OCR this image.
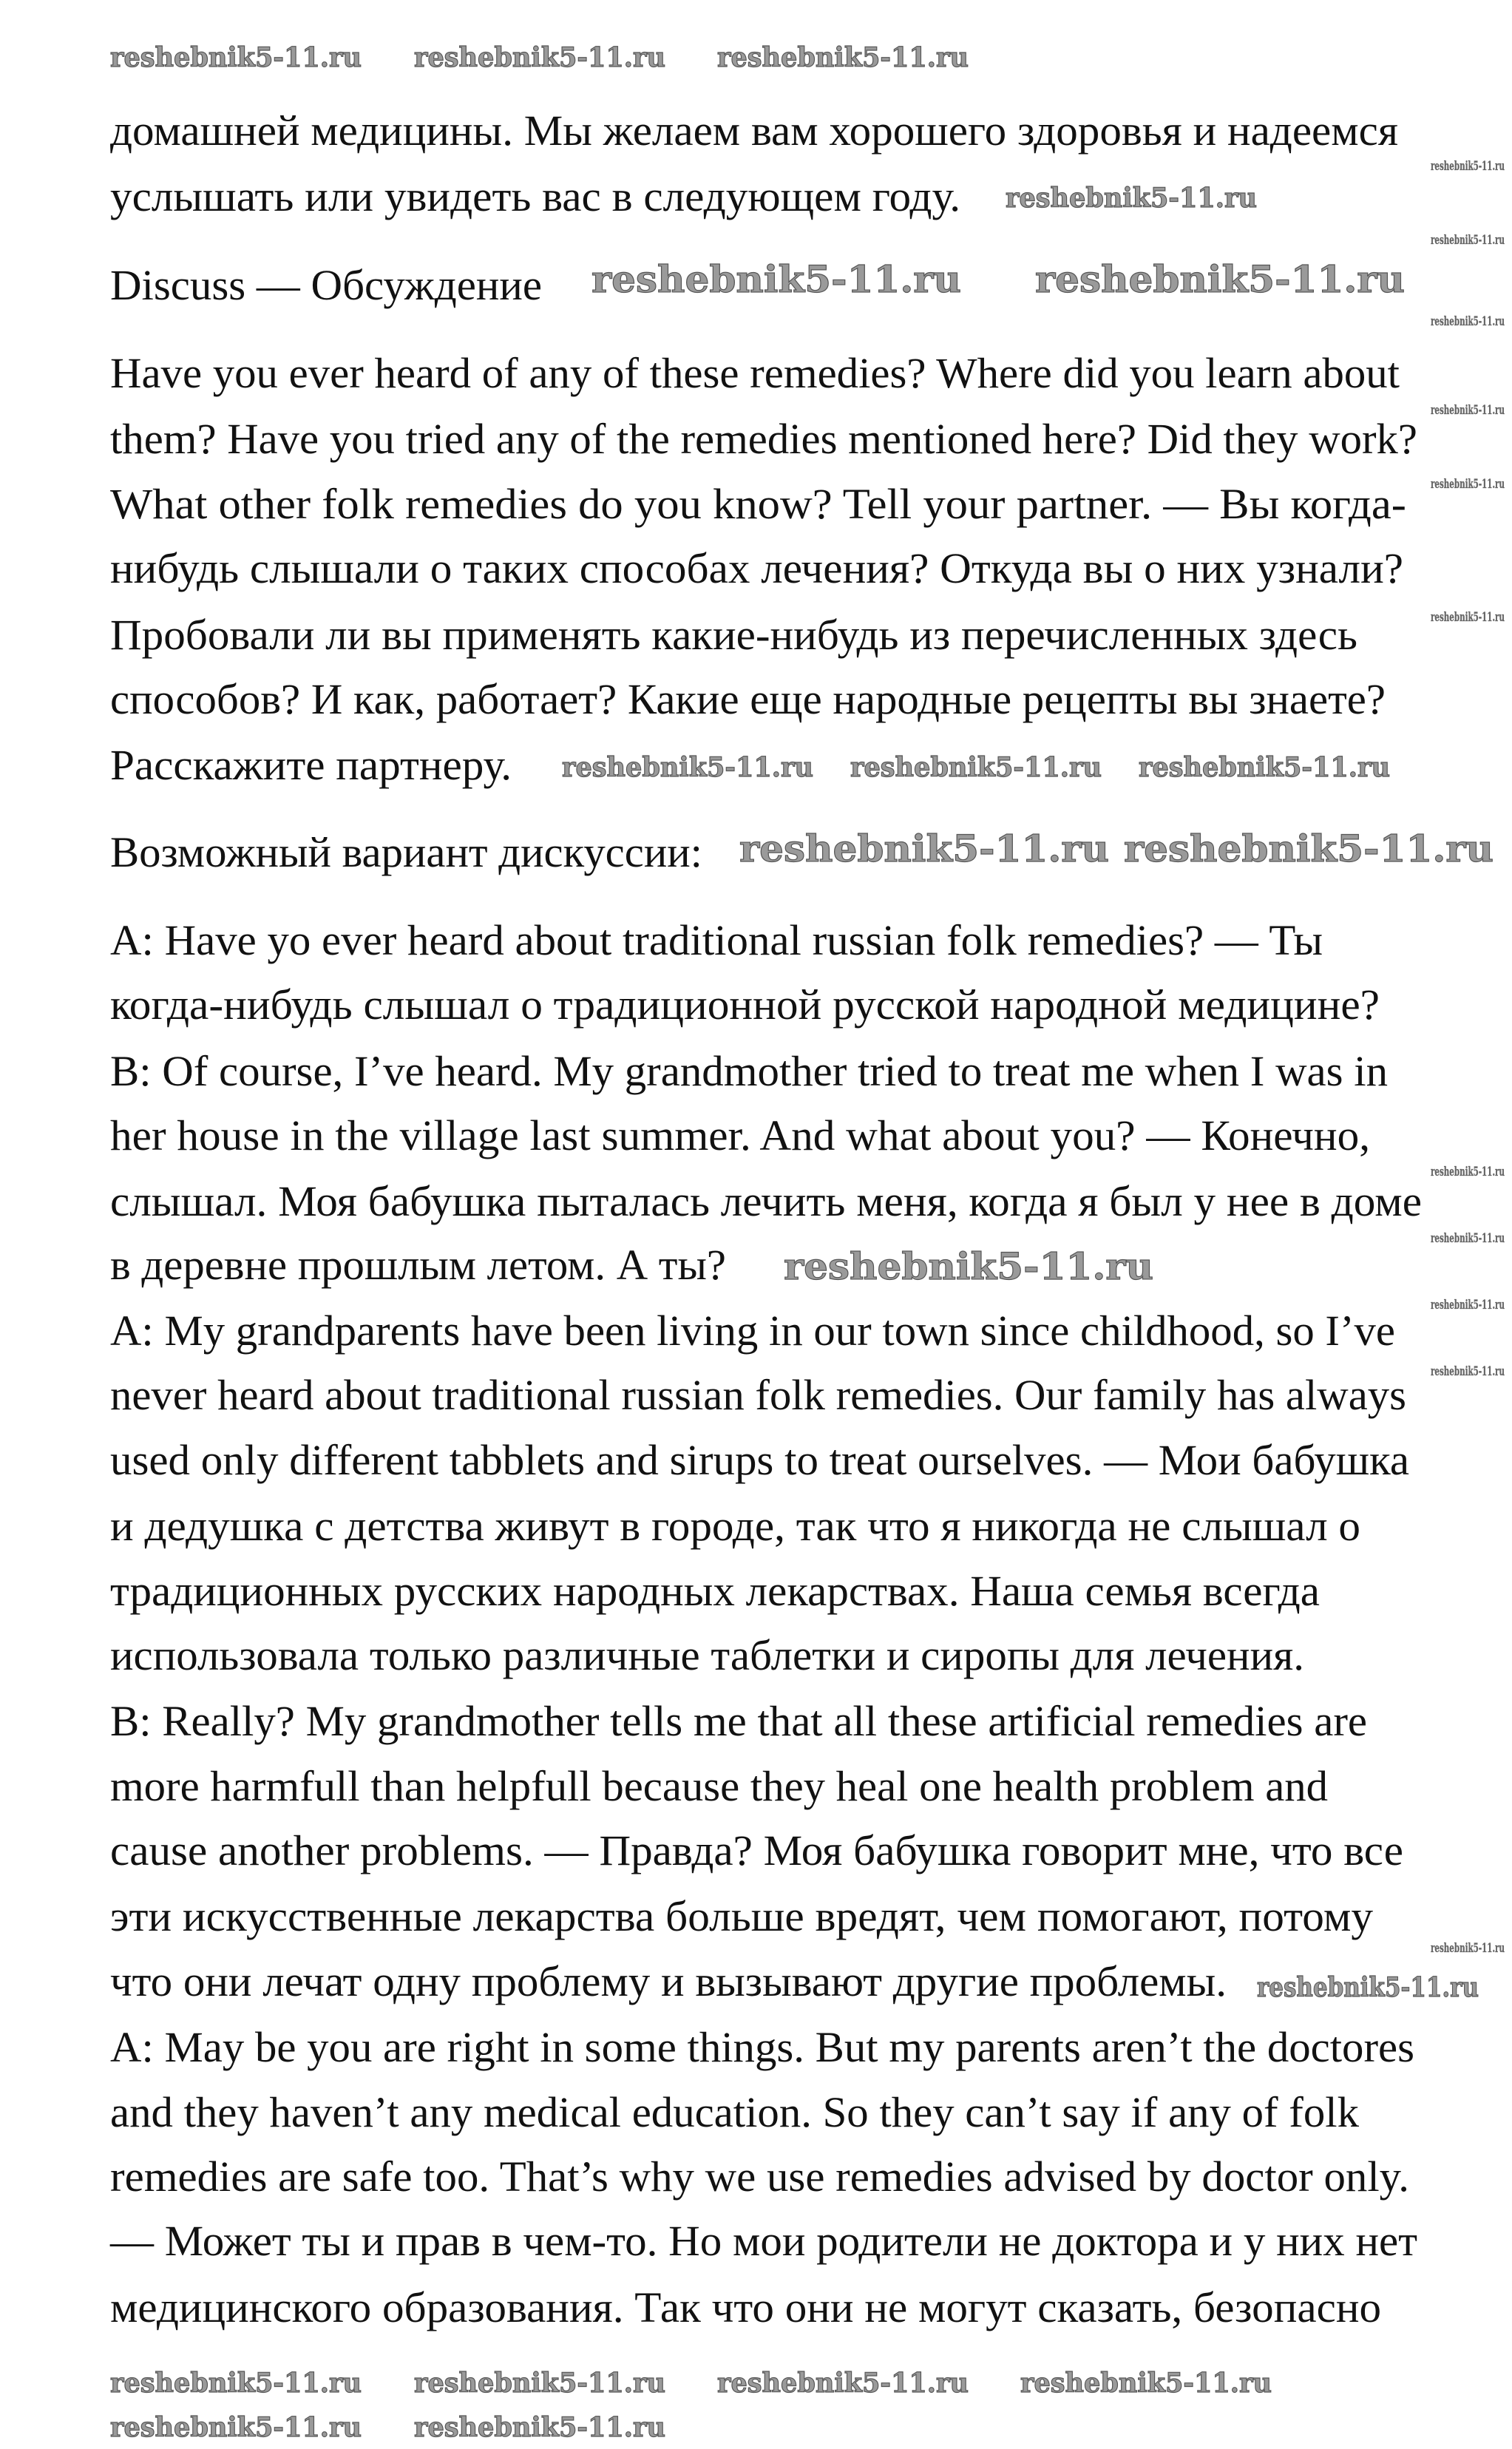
reshebnik5-11.ru reshebnik5-11.ru
reshebnik5-11.ru reshebnik5-11.ru
reshebnik5-11.ru
reshebnik5-11.ru reshebnik5-11.ru reshebnik5-11.ru
reshebnik5-11.ru
reshebnik5-11.ru
reshebnik5-11.ru reshebnik5-11.ru reshebnik5-11.ru
reshebnik5-11.ru reshebnik5-11.ru reshebnik5-11.ru reshebnik5-11.ru
reshebnik5-11.ru reshebnik5-11.ru
reshebnik5-11.ru
reshebnik5-11.ru
reshebnik5-11.ru
reshebnik5-11.ru
reshebnik5-11.ru
reshebnik5-11.ru
reshebnik5-11.ru
reshebnik5-11.ru
reshebnik5-11.ru
reshebnik5-11.ru
reshebnik5-11.ru
домашней медицины. Мы желаем вам хорошего здоровья и надеемся
услышать или увидеть вас в следующем году.
Discuss — Обсуждение
Have you ever heard of any of these remedies? Where did you learn about
them? Have you tried any of the remedies mentioned here? Did they work?
What other folk remedies do you know? Tell your partner. — Вы когда-
нибудь слышали о таких способах лечения? Откуда вы о них узнали?
Пробовали ли вы применять какие-нибудь из перечисленных здесь
способов? И как, работает? Какие еще народные рецепты вы знаете?
Расскажите партнеру.
Возможный вариант дискуссии:
A: Have yo ever heard about traditional russian folk remedies? — Ты
когда-нибудь слышал о традиционной русской народной медицине?
B: Of course, I’ve heard. My grandmother tried to treat me when I was in
her house in the village last summer. And what about you? — Конечно,
слышал. Моя бабушка пыталась лечить меня, когда я был у нее в доме
в деревне прошлым летом. А ты?
A: My grandparents have been living in our town since childhood, so I’ve
never heard about traditional russian folk remedies. Our family has always
used only different tabblets and sirups to treat ourselves. — Мои бабушка
и дедушка с детства живут в городе, так что я никогда не слышал о
традиционных русских народных лекарствах. Наша семья всегда
использовала только различные таблетки и сиропы для лечения.
B: Really? My grandmother tells me that all these artificial remedies are
more harmfull than helpfull because they heal one health problem and
cause another problems. — Правда? Моя бабушка говорит мне, что все
эти искусственные лекарства больше вредят, чем помогают, потому
что они лечат одну проблему и вызывают другие проблемы.
A: May be you are right in some things. But my parents aren’t the doctores
and they haven’t any medical education. So they can’t say if any of folk
remedies are safe too. That’s why we use remedies advised by doctor only.
— Может ты и прав в чем-то. Но мои родители не доктора и у них нет
медицинского образования. Так что они не могут сказать, безопасно
